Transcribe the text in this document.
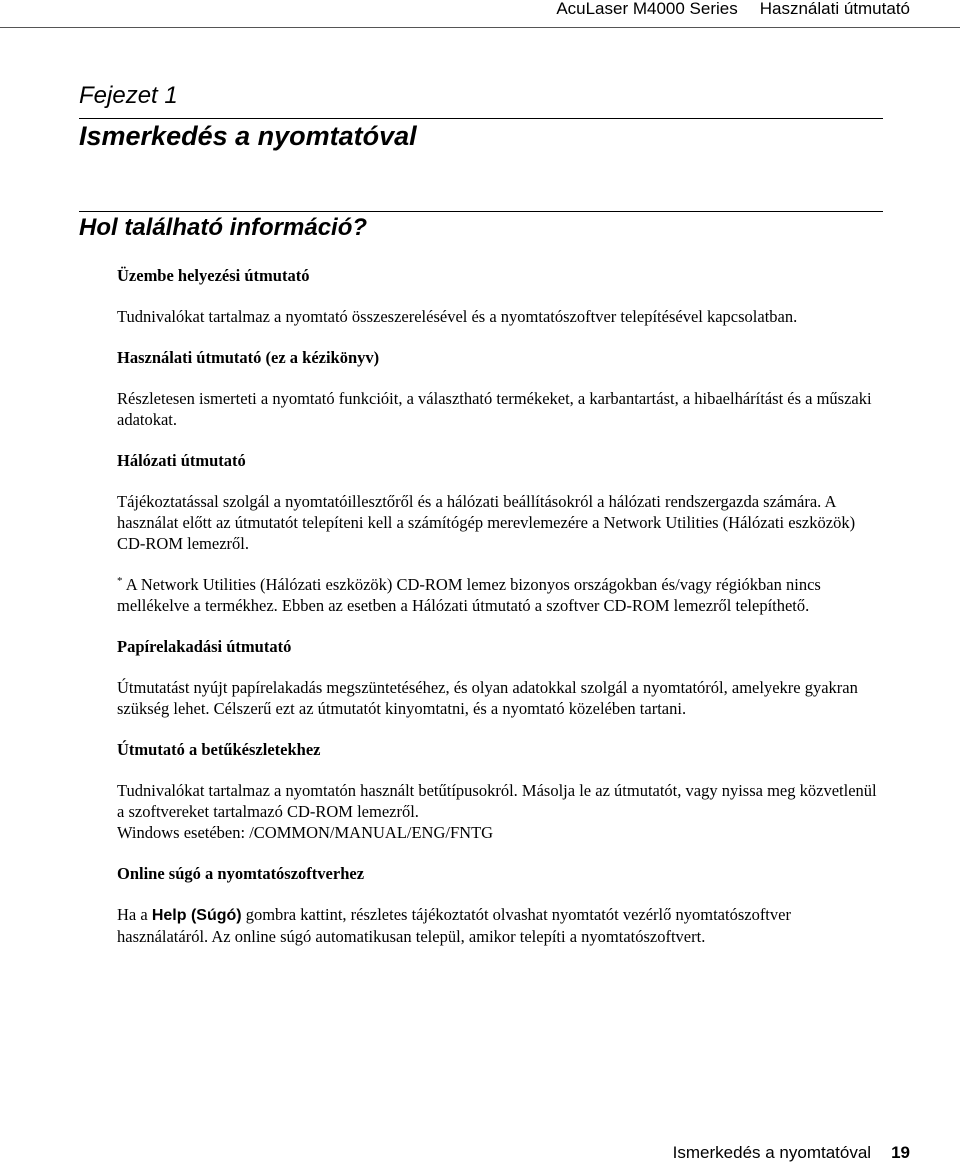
AcuLaser M4000 Series Használati útmutató
Fejezet 1
Ismerkedés a nyomtatóval
Hol található információ?
Üzembe helyezési útmutató

Tudnivalókat tartalmaz a nyomtató összeszerelésével és a nyomtatószoftver telepítésével kapcsolatban.

Használati útmutató (ez a kézikönyv)

Részletesen ismerteti a nyomtató funkcióit, a választható termékeket, a karbantartást, a hibaelhárítást és a műszaki adatokat.

Hálózati útmutató

Tájékoztatással szolgál a nyomtatóillesztőről és a hálózati beállításokról a hálózati rendszergazda számára. A használat előtt az útmutatót telepíteni kell a számítógép merevlemezére a Network Utilities (Hálózati eszközök) CD-ROM lemezről.

* A Network Utilities (Hálózati eszközök) CD-ROM lemez bizonyos országokban és/vagy régiókban nincs mellékelve a termékhez. Ebben az esetben a Hálózati útmutató a szoftver CD-ROM lemezről telepíthető.

Papírelakadási útmutató

Útmutatást nyújt papírelakadás megszüntetéséhez, és olyan adatokkal szolgál a nyomtatóról, amelyekre gyakran szükség lehet. Célszerű ezt az útmutatót kinyomtatni, és a nyomtató közelében tartani.

Útmutató a betűkészletekhez

Tudnivalókat tartalmaz a nyomtatón használt betűtípusokról. Másolja le az útmutatót, vagy nyissa meg közvetlenül a szoftvereket tartalmazó CD-ROM lemezről.

Windows esetében: /COMMON/MANUAL/ENG/FNTG

Online súgó a nyomtatószoftverhez

Ha a Help (Súgó) gombra kattint, részletes tájékoztatót olvashat nyomtatót vezérlő nyomtatószoftver használatáról. Az online súgó automatikusan települ, amikor telepíti a nyomtatószoftvert.

Ismerkedés a nyomtatóval 19
